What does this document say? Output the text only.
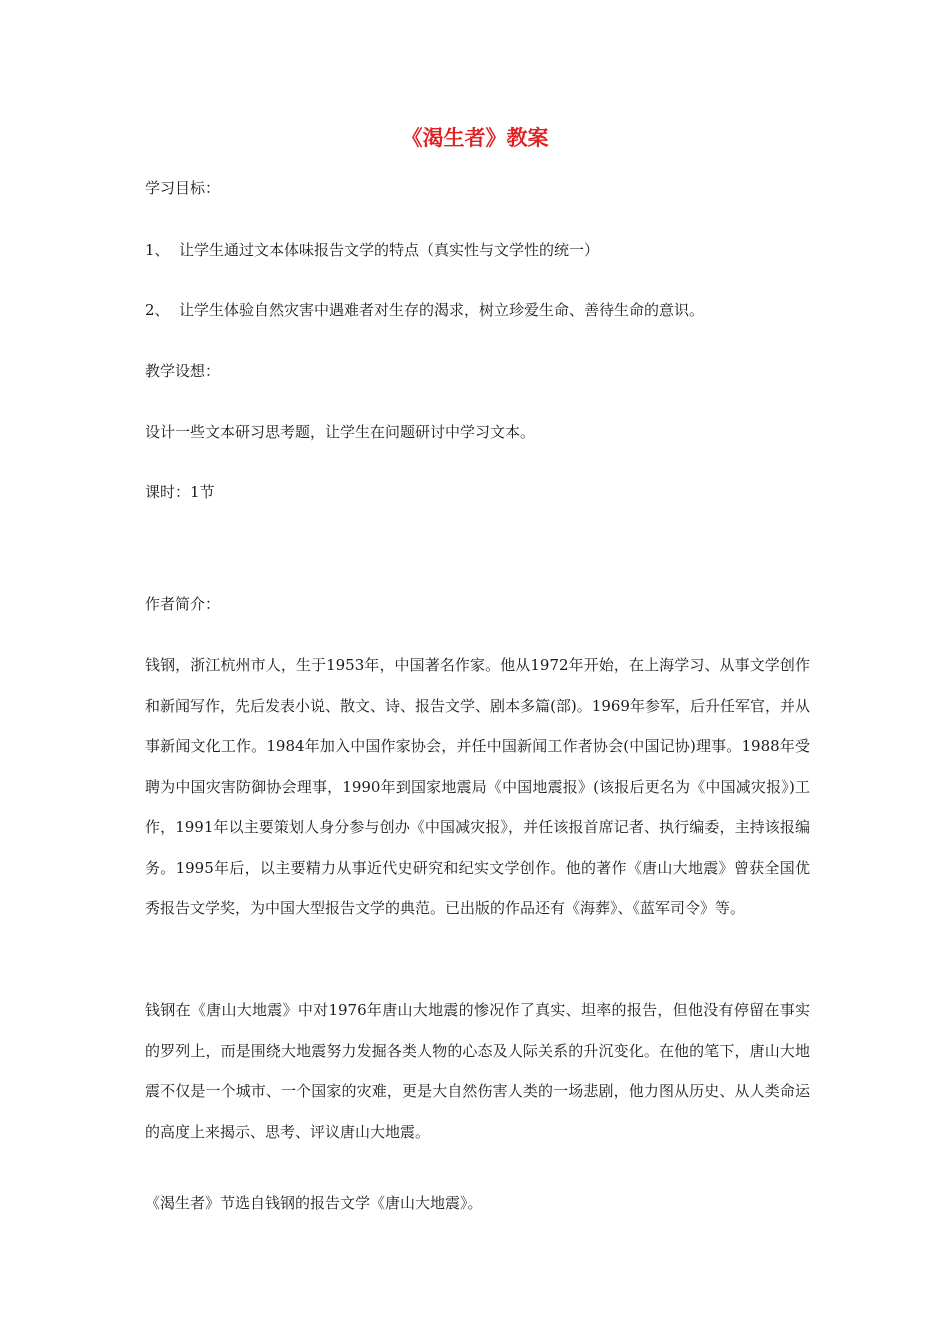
《渴生者》教案
学习目标：
1、 让学生通过文本体味报告文学的特点（真实性与文学性的统一）
2、 让学生体验自然灾害中遇难者对生存的渴求，树立珍爱生命、善待生命的意识。
教学设想：
设计一些文本研习思考题，让学生在问题研讨中学习文本。
课时：1节
作者简介：
钱钢，浙江杭州市人，生于1953年，中国著名作家。他从1972年开始，在上海学习、从事文学创作和新闻写作，先后发表小说、散文、诗、报告文学、剧本多篇(部)。1969年参军，后升任军官，并从事新闻文化工作。1984年加入中国作家协会，并任中国新闻工作者协会(中国记协)理事。1988年受聘为中国灾害防御协会理事，1990年到国家地震局《中国地震报》(该报后更名为《中国减灾报》)工作，1991年以主要策划人身分参与创办《中国减灾报》，并任该报首席记者、执行编委，主持该报编务。1995年后，以主要精力从事近代史研究和纪实文学创作。他的著作《唐山大地震》曾获全国优秀报告文学奖，为中国大型报告文学的典范。已出版的作品还有《海葬》、《蓝军司令》等。
钱钢在《唐山大地震》中对1976年唐山大地震的惨况作了真实、坦率的报告，但他没有停留在事实的罗列上，而是围绕大地震努力发掘各类人物的心态及人际关系的升沉变化。在他的笔下，唐山大地震不仅是一个城市、一个国家的灾难，更是大自然伤害人类的一场悲剧，他力图从历史、从人类命运的高度上来揭示、思考、评议唐山大地震。
《渴生者》节选自钱钢的报告文学《唐山大地震》。
